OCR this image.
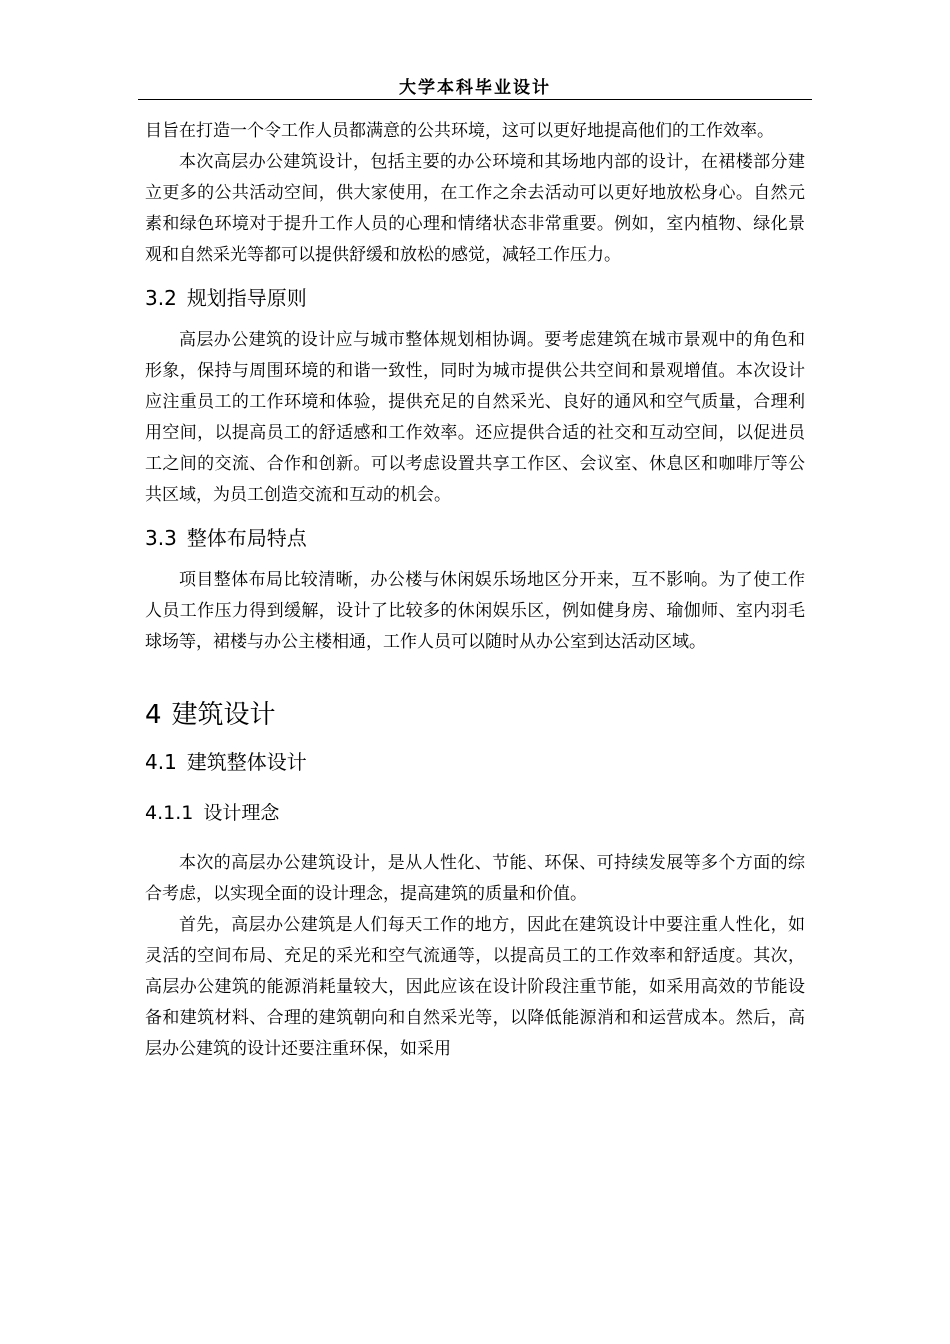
大学本科毕业设计

目旨在打造一个令工作人员都满意的公共环境，这可以更好地提高他们的工作效率。

本次高层办公建筑设计，包括主要的办公环境和其场地内部的设计，在裙楼部分建立更多的公共活动空间，供大家使用，在工作之余去活动可以更好地放松身心。自然元素和绿色环境对于提升工作人员的心理和情绪状态非常重要。例如，室内植物、绿化景观和自然采光等都可以提供舒缓和放松的感觉，减轻工作压力。

3.2 规划指导原则

高层办公建筑的设计应与城市整体规划相协调。要考虑建筑在城市景观中的角色和形象，保持与周围环境的和谐一致性，同时为城市提供公共空间和景观增值。本次设计应注重员工的工作环境和体验，提供充足的自然采光、良好的通风和空气质量，合理利用空间，以提高员工的舒适感和工作效率。还应提供合适的社交和互动空间，以促进员工之间的交流、合作和创新。可以考虑设置共享工作区、会议室、休息区和咖啡厅等公共区域，为员工创造交流和互动的机会。

3.3 整体布局特点

项目整体布局比较清晰，办公楼与休闲娱乐场地区分开来，互不影响。为了使工作人员工作压力得到缓解，设计了比较多的休闲娱乐区，例如健身房、瑜伽师、室内羽毛球场等，裙楼与办公主楼相通，工作人员可以随时从办公室到达活动区域。

4 建筑设计
4.1 建筑整体设计
4.1.1 设计理念

本次的高层办公建筑设计，是从人性化、节能、环保、可持续发展等多个方面的综合考虑，以实现全面的设计理念，提高建筑的质量和价值。

首先，高层办公建筑是人们每天工作的地方，因此在建筑设计中要注重人性化，如灵活的空间布局、充足的采光和空气流通等，以提高员工的工作效率和舒适度。其次，高层办公建筑的能源消耗量较大，因此应该在设计阶段注重节能，如采用高效的节能设备和建筑材料、合理的建筑朝向和自然采光等，以降低能源消和和运营成本。然后，高层办公建筑的设计还要注重环保，如采用
